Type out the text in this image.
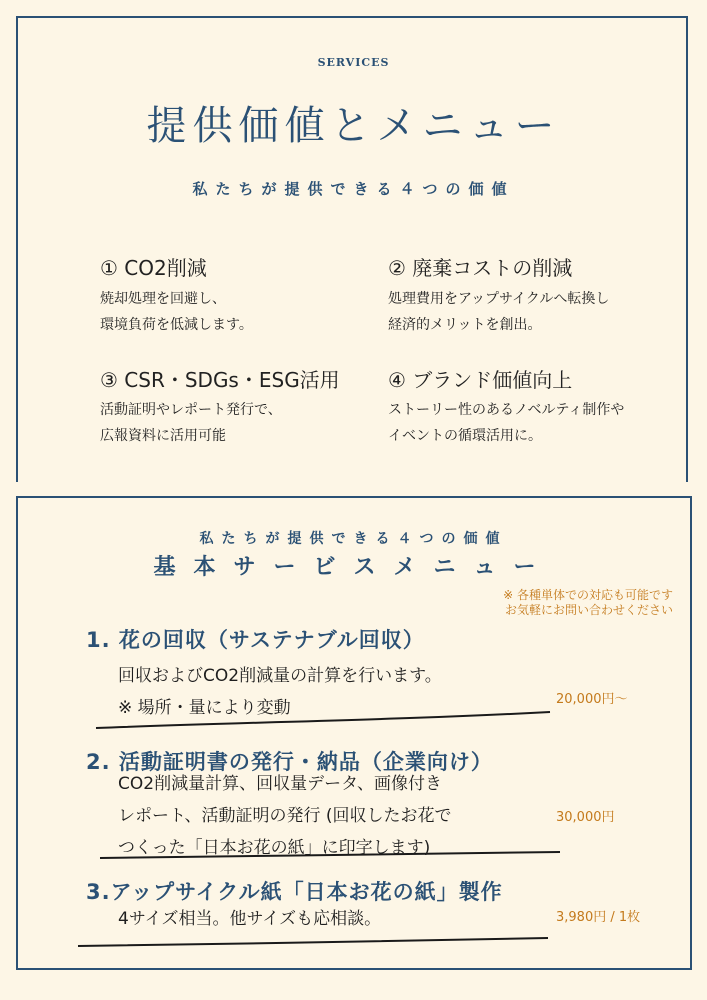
SERVICES
提供価値とメニュー
私たちが提供できる４つの価値
① CO2削減
焼却処理を回避し、
環境負荷を低減します。
② 廃棄コストの削減
処理費用をアップサイクルへ転換し
経済的メリットを創出。
③ CSR・SDGs・ESG活用
活動証明やレポート発行で、
広報資料に活用可能
④ ブランド価値向上
ストーリー性のあるノベルティ制作や
イベントの循環活用に。
私たちが提供できる４つの価値
基本サービスメニュー
※ 各種単体での対応も可能です
お気軽にお問い合わせください
1. 花の回収（サステナブル回収）
回収およびCO2削減量の計算を行います。
※ 場所・量により変動	20,000円〜
2. 活動証明書の発行・納品（企業向け）
CO2削減量計算、回収量データ、画像付き
レポート、活動証明の発行 (回収したお花で
つくった「日本お花の紙」に印字します)
30,000円
3.アップサイクル紙「日本お花の紙」製作
4サイズ相当。他サイズも応相談。	3,980円 / 1枚
